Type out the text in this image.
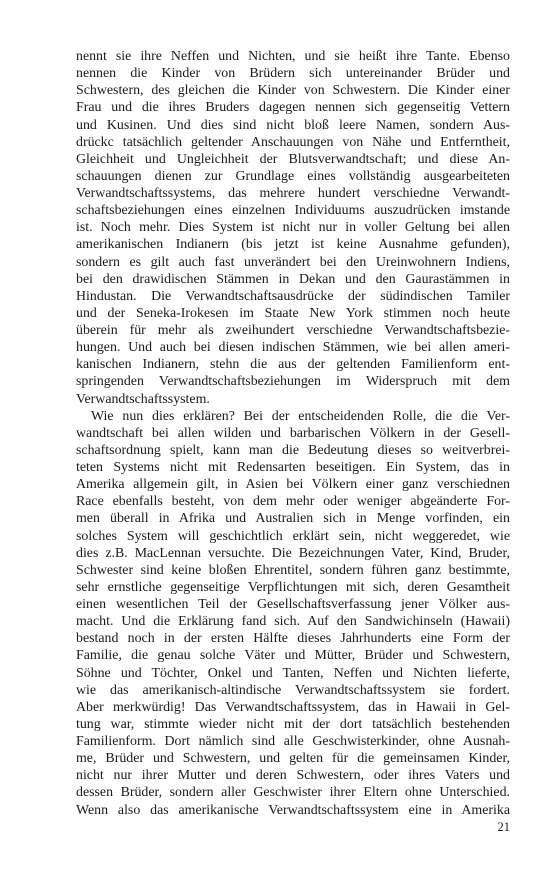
nennt sie ihre Neffen und Nichten, und sie heißt ihre Tante. Ebenso
nennen die Kinder von Brüdern sich untereinander Brüder und
Schwestern, des gleichen die Kinder von Schwestern. Die Kinder einer
Frau und die ihres Bruders dagegen nennen sich gegenseitig Vettern
und Kusinen. Und dies sind nicht bloß leere Namen, sondern Aus-
drückc tatsächlich geltender Anschauungen von Nähe und Entferntheit,
Gleichheit und Ungleichheit der Blutsverwandtschaft; und diese An-
schauungen dienen zur Grundlage eines vollständig ausgearbeiteten
Verwandtschaftssystems, das mehrere hundert verschiedne Verwandt-
schaftsbeziehungen eines einzelnen Individuums auszudrücken imstande
ist. Noch mehr. Dies System ist nicht nur in voller Geltung bei allen
amerikanischen Indianern (bis jetzt ist keine Ausnahme gefunden),
sondern es gilt auch fast unverändert bei den Ureinwohnern Indiens,
bei den drawidischen Stämmen in Dekan und den Gaurastämmen in
Hindustan. Die Verwandtschaftsausdrücke der südindischen Tamiler
und der Seneka-Irokesen im Staate New York stimmen noch heute
überein für mehr als zweihundert verschiedne Verwandtschaftsbezie-
hungen. Und auch bei diesen indischen Stämmen, wie bei allen ameri-
kanischen Indianern, stehn die aus der geltenden Familienform ent-
springenden Verwandtschaftsbeziehungen im Widerspruch mit dem
Verwandtschaftssystem.
Wie nun dies erklären? Bei der entscheidenden Rolle, die die Ver-
wandtschaft bei allen wilden und barbarischen Völkern in der Gesell-
schaftsordnung spielt, kann man die Bedeutung dieses so weitverbrei-
teten Systems nicht mit Redensarten beseitigen. Ein System, das in
Amerika allgemein gilt, in Asien bei Völkern einer ganz verschiednen
Race ebenfalls besteht, von dem mehr oder weniger abgeänderte For-
men überall in Afrika und Australien sich in Menge vorfinden, ein
solches System will geschichtlich erklärt sein, nicht weggeredet, wie
dies z.B. MacLennan versuchte. Die Bezeichnungen Vater, Kind, Bruder,
Schwester sind keine bloßen Ehrentitel, sondern führen ganz bestimmte,
sehr ernstliche gegenseitige Verpflichtungen mit sich, deren Gesamtheit
einen wesentlichen Teil der Gesellschaftsverfassung jener Völker aus-
macht. Und die Erklärung fand sich. Auf den Sandwichinseln (Hawaii)
bestand noch in der ersten Hälfte dieses Jahrhunderts eine Form der
Familie, die genau solche Väter und Mütter, Brüder und Schwestern,
Söhne und Töchter, Onkel und Tanten, Neffen und Nichten lieferte,
wie das amerikanisch-altindische Verwandtschaftssystem sie fordert.
Aber merkwürdig! Das Verwandtschaftssystem, das in Hawaii in Gel-
tung war, stimmte wieder nicht mit der dort tatsächlich bestehenden
Familienform. Dort nämlich sind alle Geschwisterkinder, ohne Ausnah-
me, Brüder und Schwestern, und gelten für die gemeinsamen Kinder,
nicht nur ihrer Mutter und deren Schwestern, oder ihres Vaters und
dessen Brüder, sondern aller Geschwister ihrer Eltern ohne Unterschied.
Wenn also das amerikanische Verwandtschaftssystem eine in Amerika
21
